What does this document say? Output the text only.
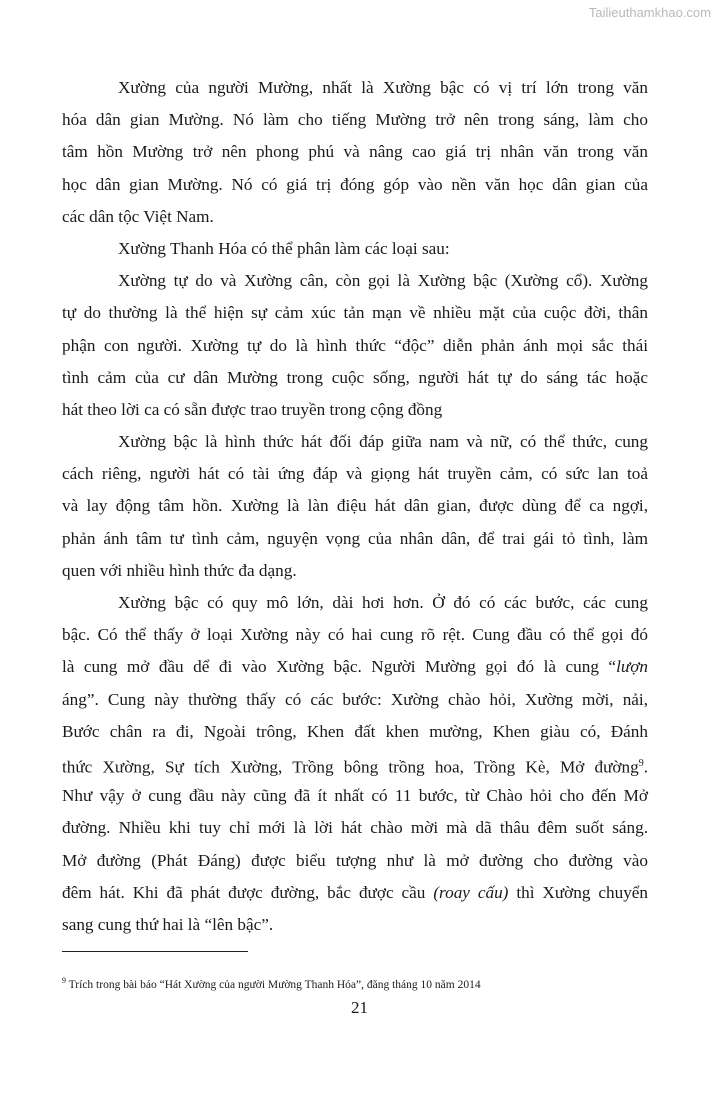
Tailieuthamkhao.com
Xường của người Mường, nhất là Xường bậc có vị trí lớn trong văn
hóa dân gian Mường. Nó làm cho tiếng Mường trở nên trong sáng, làm cho
tâm hồn Mường trở nên phong phú và nâng cao giá trị nhân văn trong văn
học dân gian Mường. Nó có giá trị đóng góp vào nền văn học dân gian của
các dân tộc Việt Nam.
Xường Thanh Hóa có thể phân làm các loại sau:
Xường tự do và Xường cân, còn gọi là Xường bậc (Xường cổ). Xường
tự do thường là thể hiện sự cảm xúc tản mạn về nhiều mặt của cuộc đời, thân
phận con người. Xường tự do là hình thức “độc” diễn phản ánh mọi sắc thái
tình cảm của cư dân Mường trong cuộc sống, người hát tự do sáng tác hoặc
hát theo lời ca có sẵn được trao truyền trong cộng đồng
Xường bậc là hình thức hát đối đáp giữa nam và nữ, có thể thức, cung
cách riêng, người hát có tài ứng đáp và giọng hát truyền cảm, có sức lan toả
và lay động tâm hồn. Xường là làn điệu hát dân gian, được dùng để ca ngợi,
phản ánh tâm tư tình cảm, nguyện vọng của nhân dân, để trai gái tỏ tình, làm
quen với nhiều hình thức đa dạng.
Xường bậc có quy mô lớn, dài hơi hơn. Ở đó có các bước, các cung
bậc. Có thể thấy ở loại Xường này có hai cung rõ rệt. Cung đầu có thể gọi đó
là cung mở đầu dể đi vào Xường bậc. Người Mường gọi đó là cung “lượn
áng”. Cung này thường thấy có các bước: Xường chào hỏi, Xường mời, nải,
Bước chân ra đi, Ngoài trông, Khen đất khen mường, Khen giàu có, Đánh
thức Xường, Sự tích Xường, Trồng bông trồng hoa, Trồng Kè, Mở đường$^9$.
Như vậy ở cung đầu này cũng đã ít nhất có 11 bước, từ Chào hỏi cho đến Mở
đường. Nhiều khi tuy chỉ mới là lời hát chào mời mà dã thâu đêm suốt sáng.
Mở đường (Phát Đáng) được biểu tượng như là mở đường cho đường vào
đêm hát. Khi đã phát được đường, bắc được cầu (roay cấu) thì Xường chuyển
sang cung thứ hai là “lên bậc”.
$^9$ Trích trong bài báo “Hát Xường của người Mường Thanh Hóa”, đăng tháng 10 năm 2014
21
